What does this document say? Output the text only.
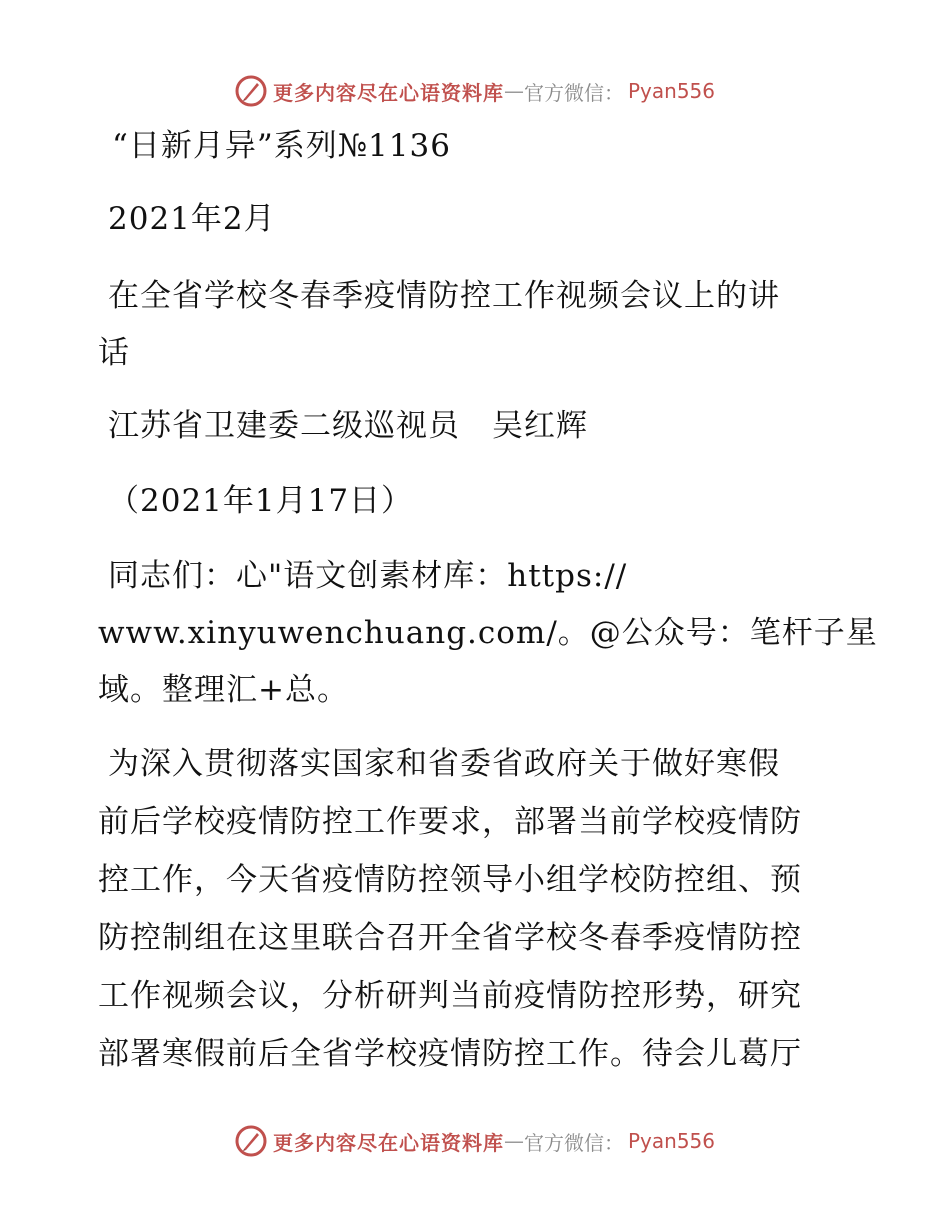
更多内容尽在心语资料库 — 官方微信： Pyan556
“日新月异”系列№1136
2021年2月
在全省学校冬春季疫情防控工作视频会议上的讲
话
江苏省卫建委二级巡视员　吴红辉
（2021年1月17日）
同志们：心"语文创素材库：https://
www.xinyuwenchuang.com/。@公众号：笔杆子星
域。整理汇+总。
为深入贯彻落实国家和省委省政府关于做好寒假
前后学校疫情防控工作要求，部署当前学校疫情防
控工作，今天省疫情防控领导小组学校防控组、预
防控制组在这里联合召开全省学校冬春季疫情防控
工作视频会议，分析研判当前疫情防控形势，研究
部署寒假前后全省学校疫情防控工作。待会儿葛厅
更多内容尽在心语资料库 — 官方微信： Pyan556
